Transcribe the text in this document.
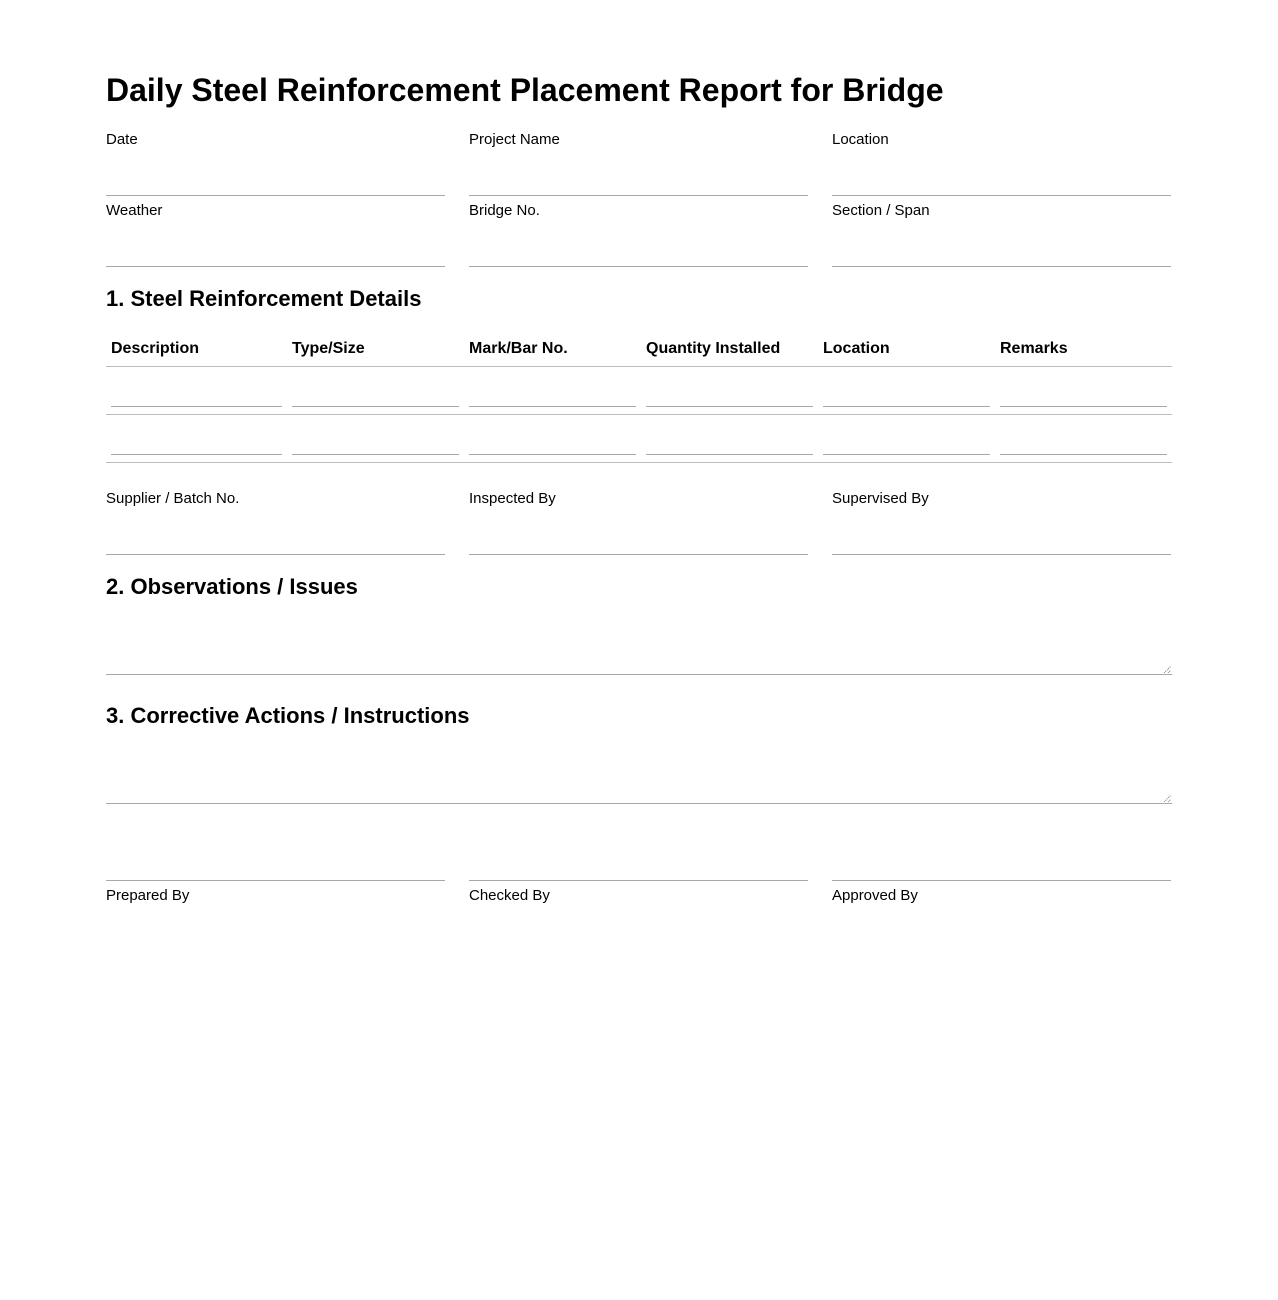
Daily Steel Reinforcement Placement Report for Bridge
Date	Project Name	Location
Weather	Bridge No.	Section / Span
1. Steel Reinforcement Details
Description	Type/Size	Mark/Bar No.	Quantity Installed	Location	Remarks
Supplier / Batch No.	Inspected By	Supervised By
2. Observations / Issues
3. Corrective Actions / Instructions
Prepared By	Checked By	Approved By
